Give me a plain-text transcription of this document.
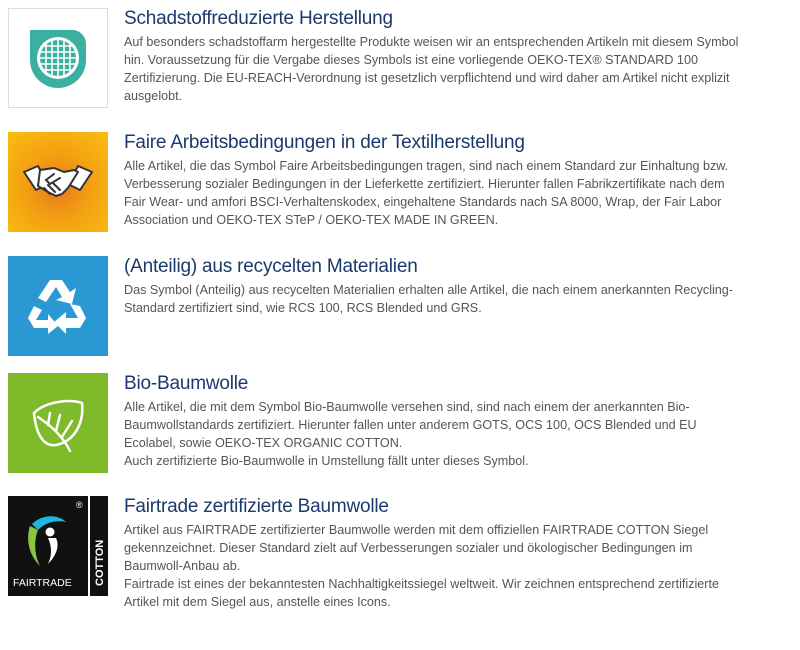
Schadstoffreduzierte Herstellung

Auf besonders schadstoffarm hergestellte Produkte weisen wir an entsprechenden Artikeln mit diesem Symbol

hin. Voraussetzung für die Vergabe dieses Symbols ist eine vorliegende OEKO-TEX® STANDARD 100

Zertifizierung. Die EU-REACH-Verordnung ist gesetzlich verpflichtend und wird daher am Artikel nicht explizit

ausgelobt.

Faire Arbeitsbedingungen in der Textilherstellung

Alle Artikel, die das Symbol Faire Arbeitsbedingungen tragen, sind nach einem Standard zur Einhaltung bzw.

Verbesserung sozialer Bedingungen in der Lieferkette zertifiziert. Hierunter fallen Fabrikzertifikate nach dem

Fair Wear- und amfori BSCI-Verhaltenskodex, eingehaltene Standards nach SA 8000, Wrap, der Fair Labor

Association und OEKO-TEX STeP / OEKO-TEX MADE IN GREEN.

(Anteilig) aus recycelten Materialien

Das Symbol (Anteilig) aus recycelten Materialien erhalten alle Artikel, die nach einem anerkannten Recycling-

Standard zertifiziert sind, wie RCS 100, RCS Blended und GRS.

Bio-Baumwolle

Alle Artikel, die mit dem Symbol Bio-Baumwolle versehen sind, sind nach einem der anerkannten Bio-

Baumwollstandards zertifiziert. Hierunter fallen unter anderem GOTS, OCS 100, OCS Blended und EU

Ecolabel, sowie OEKO-TEX ORGANIC COTTON.

Auch zertifizierte Bio-Baumwolle in Umstellung fällt unter dieses Symbol.

®
FAIRTRADE COTTON
Fairtrade zertifizierte Baumwolle

Artikel aus FAIRTRADE zertifizierter Baumwolle werden mit dem offiziellen FAIRTRADE COTTON Siegel

gekennzeichnet. Dieser Standard zielt auf Verbesserungen sozialer und ökologischer Bedingungen im

Baumwoll-Anbau ab.

Fairtrade ist eines der bekanntesten Nachhaltigkeitssiegel weltweit. Wir zeichnen entsprechend zertifizierte

Artikel mit dem Siegel aus, anstelle eines Icons.
